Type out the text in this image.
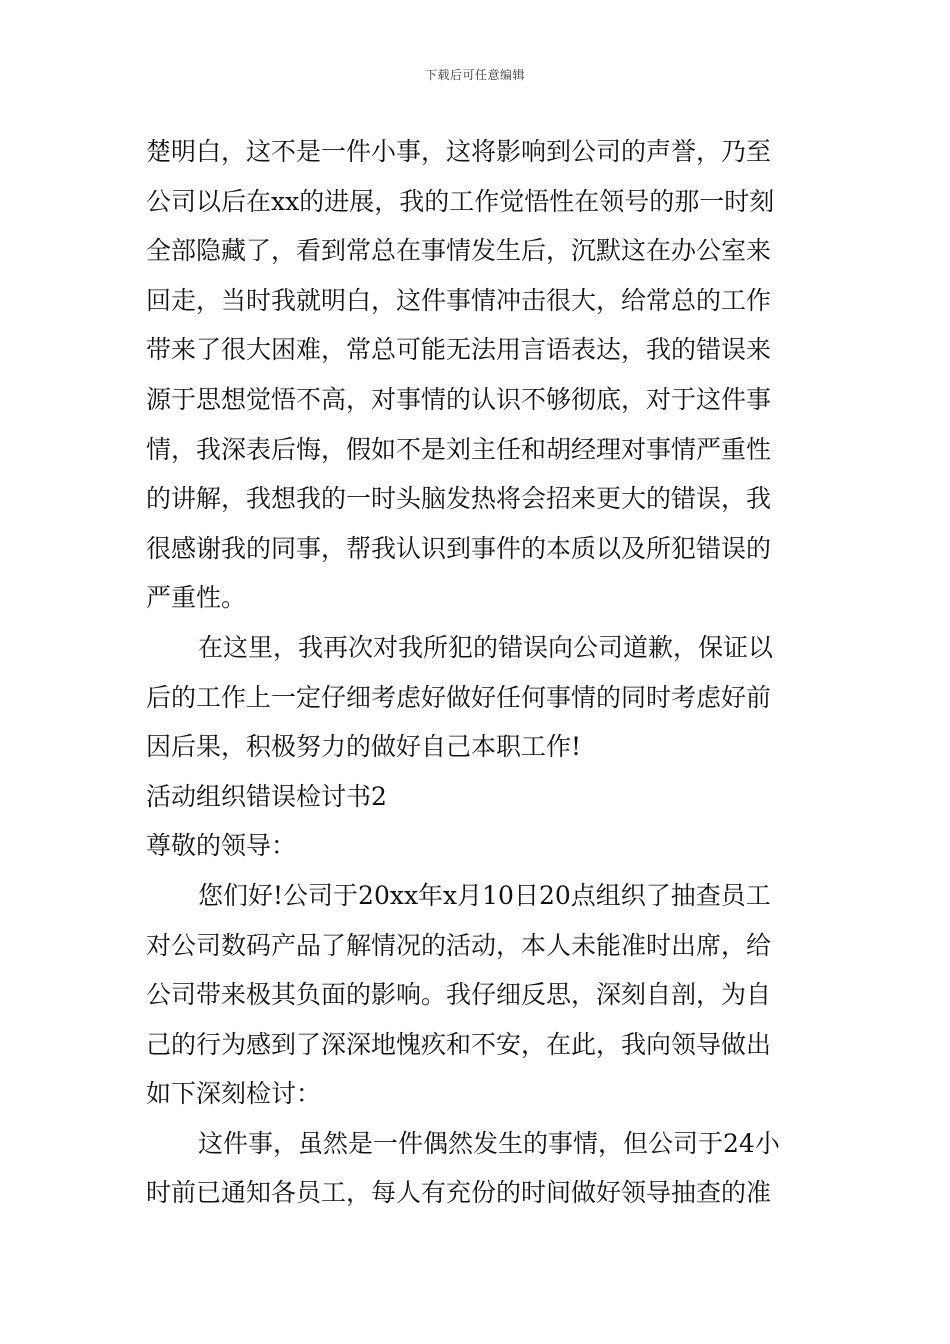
下载后可任意编辑
楚明白，这不是一件小事，这将影响到公司的声誉，乃至
公司以后在xx的进展，我的工作觉悟性在领号的那一时刻
全部隐藏了，看到常总在事情发生后，沉默这在办公室来
回走，当时我就明白，这件事情冲击很大，给常总的工作
带来了很大困难，常总可能无法用言语表达，我的错误来
源于思想觉悟不高，对事情的认识不够彻底，对于这件事
情，我深表后悔，假如不是刘主任和胡经理对事情严重性
的讲解，我想我的一时头脑发热将会招来更大的错误，我
很感谢我的同事，帮我认识到事件的本质以及所犯错误的
严重性。
在这里，我再次对我所犯的错误向公司道歉，保证以
后的工作上一定仔细考虑好做好任何事情的同时考虑好前
因后果，积极努力的做好自己本职工作!
活动组织错误检讨书2
尊敬的领导：
您们好!公司于20xx年x月10日20点组织了抽查员工
对公司数码产品了解情况的活动，本人未能准时出席，给
公司带来极其负面的影响。我仔细反思，深刻自剖，为自
己的行为感到了深深地愧疚和不安，在此，我向领导做出
如下深刻检讨：
这件事，虽然是一件偶然发生的事情，但公司于24小
时前已通知各员工，每人有充份的时间做好领导抽查的准
